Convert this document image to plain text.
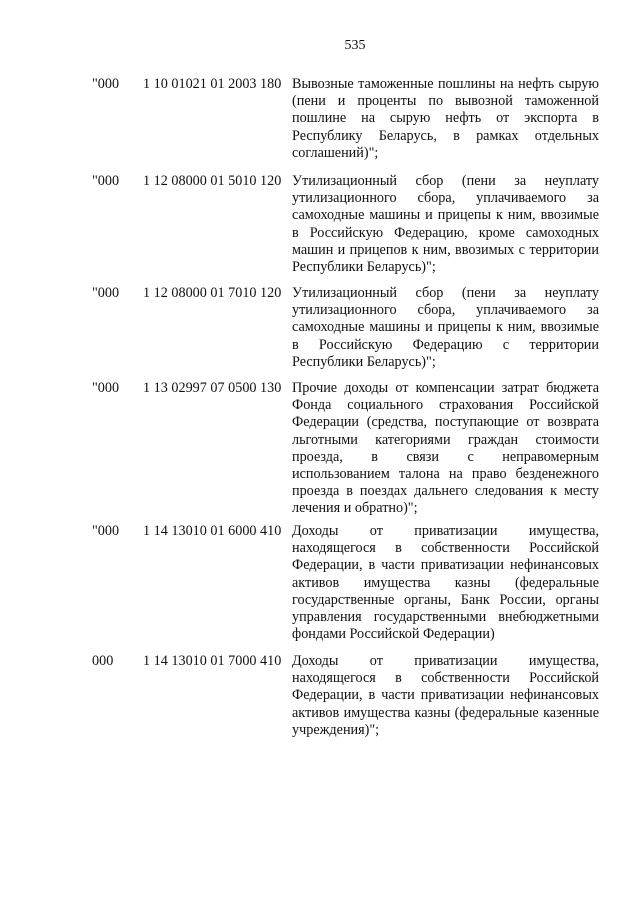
535
"000 1 10 01021 01 2003 180 Вывозные таможенные пошлины на нефть сырую (пени и проценты по вывозной таможенной пошлине на сырую нефть от экспорта в Республику Беларусь, в рамках отдельных соглашений)";
"000 1 12 08000 01 5010 120 Утилизационный сбор (пени за неуплату утилизационного сбора, уплачиваемого за самоходные машины и прицепы к ним, ввозимые в Российскую Федерацию, кроме самоходных машин и прицепов к ним, ввозимых с территории Республики Беларусь)";
"000 1 12 08000 01 7010 120 Утилизационный сбор (пени за неуплату утилизационного сбора, уплачиваемого за самоходные машины и прицепы к ним, ввозимые в Российскую Федерацию с территории Республики Беларусь)";
"000 1 13 02997 07 0500 130 Прочие доходы от компенсации затрат бюджета Фонда социального страхования Российской Федерации (средства, поступающие от возврата льготными категориями граждан стоимости проезда, в связи с неправомерным использованием талона на право безденежного проезда в поездах дальнего следования к месту лечения и обратно)";
"000 1 14 13010 01 6000 410 Доходы от приватизации имущества, находящегося в собственности Российской Федерации, в части приватизации нефинансовых активов имущества казны (федеральные государственные органы, Банк России, органы управления государственными внебюджетными фондами Российской Федерации)
000 1 14 13010 01 7000 410 Доходы от приватизации имущества, находящегося в собственности Российской Федерации, в части приватизации нефинансовых активов имущества казны (федеральные казенные учреждения)";
